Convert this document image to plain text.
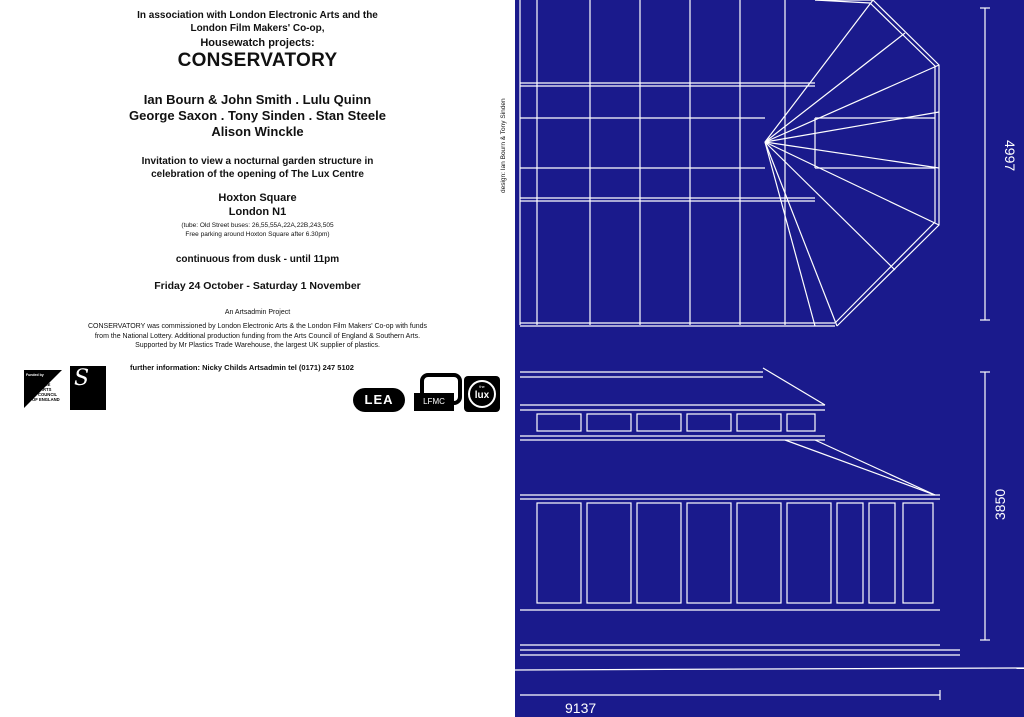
In association with London Electronic Arts and the
London Film Makers' Co-op,
Housewatch projects:
CONSERVATORY
Ian Bourn & John Smith . Lulu Quinn
George Saxon . Tony Sinden . Stan Steele
Alison Winckle
Invitation to view a nocturnal garden structure in
celebration of the opening of The Lux Centre
Hoxton Square
London N1
(tube: Old Street buses: 26,55,55A,22A,22B,243,505
Free parking around Hoxton Square after 6.30pm)
continuous from dusk - until 11pm
Friday 24 October - Saturday 1 November
An Artsadmin Project
CONSERVATORY was commissioned by London Electronic Arts & the London Film Makers' Co-op with funds
from the National Lottery. Additional production funding from the Arts Council of England & Southern Arts.
Supported by Mr Plastics Trade Warehouse, the largest UK supplier of plastics.
further information: Nicky Childs Artsadmin tel (0171) 247 5102
Funded by
THE
ARTS
COUNCIL
OF ENGLAND
S
LEA	LFMC
the
lux
design: Ian Bourn & Tony Sinden	4997
3850
9137
